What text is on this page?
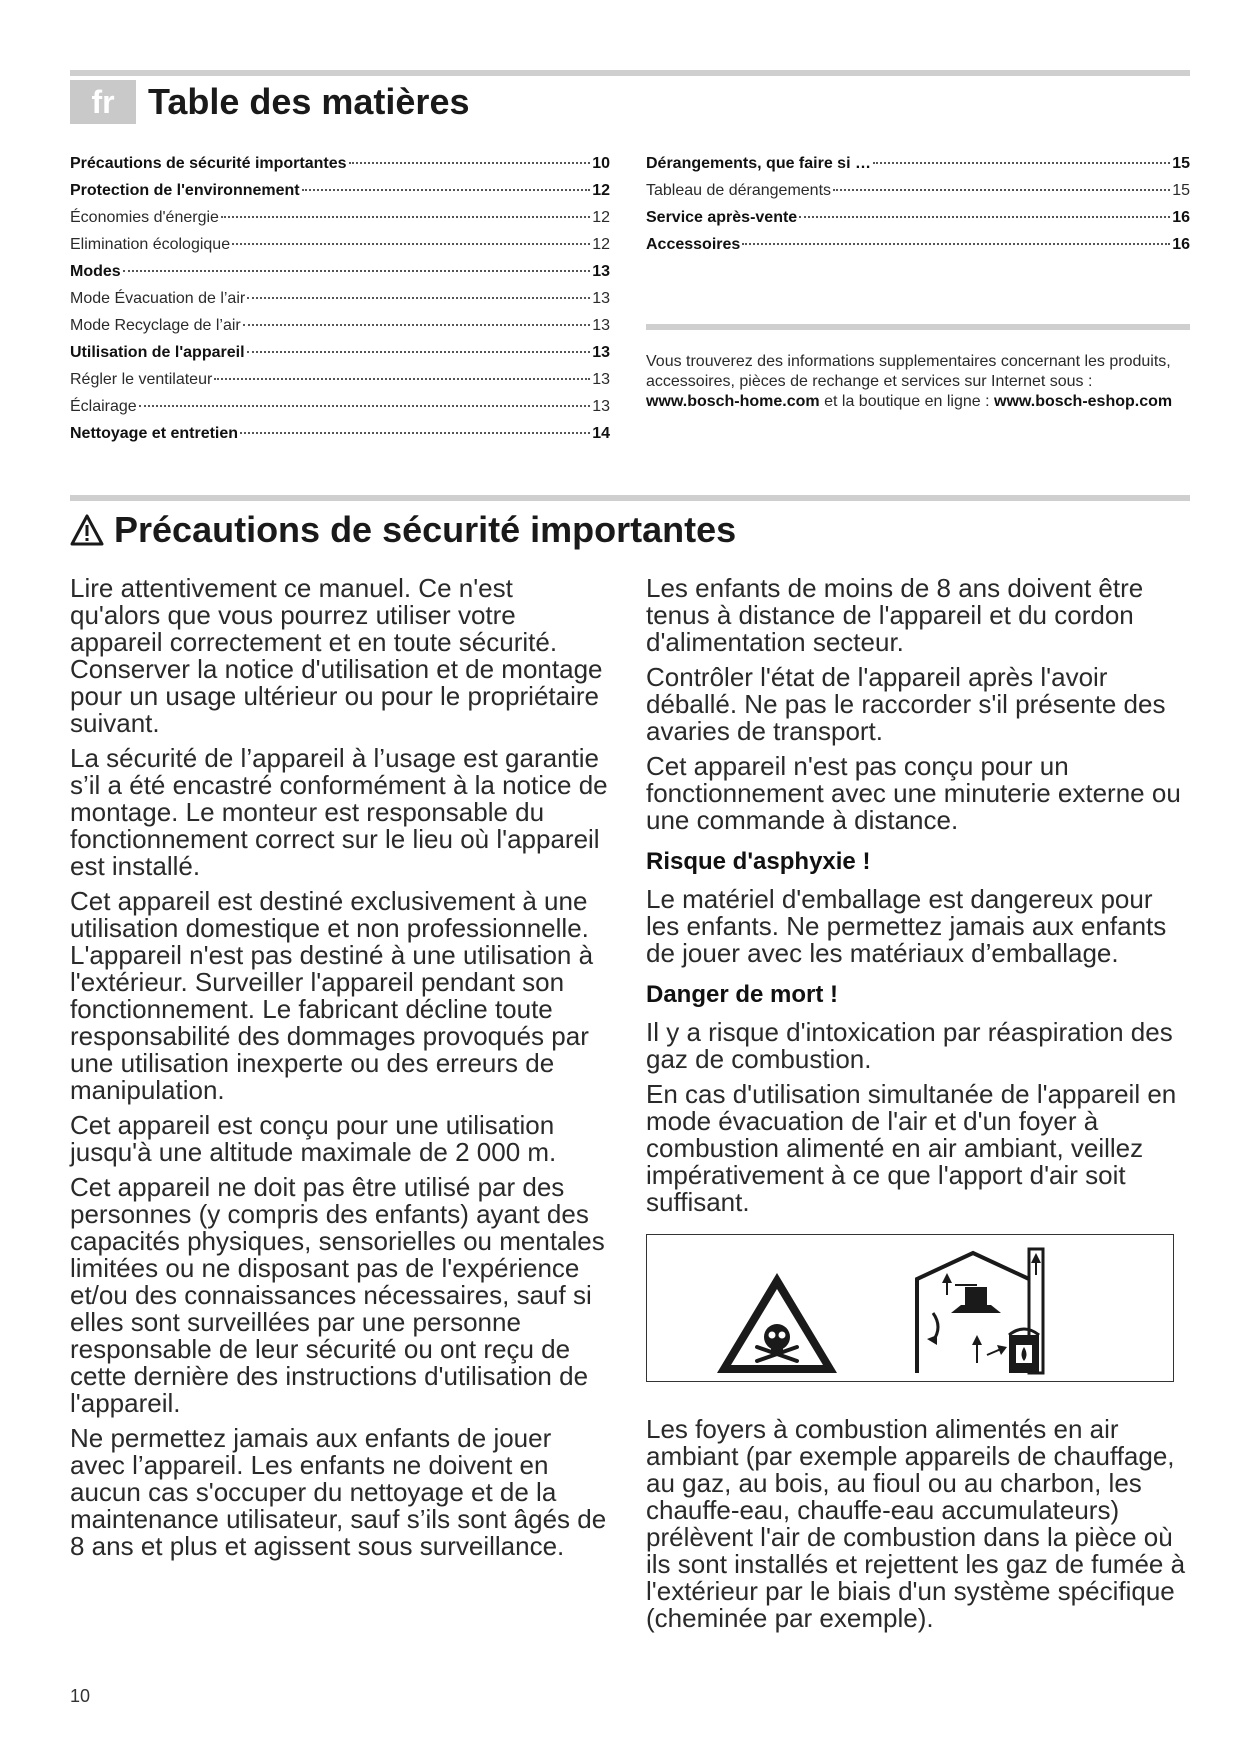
fr Table des matières
Précautions de sécurité importantes	10
Protection de l'environnement	12
Économies d'énergie	12
Elimination écologique	12
Modes	13
Mode Évacuation de l’air	13
Mode Recyclage de l’air	13
Utilisation de l'appareil	13
Régler le ventilateur	13
Éclairage	13
Nettoyage et entretien	14
Dérangements, que faire si …	15
Tableau de dérangements	15
Service après-vente	16
Accessoires	16
Vous trouverez des informations supplementaires concernant les produits, accessoires, pièces de rechange et services sur Internet sous : www.bosch-home.com et la boutique en ligne : www.bosch-eshop.com
Précautions de sécurité importantes

Lire attentivement ce manuel. Ce n'est qu'alors que vous pourrez utiliser votre appareil correctement et en toute sécurité. Conserver la notice d'utilisation et de montage pour un usage ultérieur ou pour le propriétaire suivant.

La sécurité de l’appareil à l’usage est garantie s’il a été encastré conformément à la notice de montage. Le monteur est responsable du fonctionnement correct sur le lieu où l'appareil est installé.

Cet appareil est destiné exclusivement à une utilisation domestique et non professionnelle. L'appareil n'est pas destiné à une utilisation à l'extérieur. Surveiller l'appareil pendant son fonctionnement. Le fabricant décline toute responsabilité des dommages provoqués par une utilisation inexperte ou des erreurs de manipulation.

Cet appareil est conçu pour une utilisation jusqu'à une altitude maximale de 2 000 m.

Cet appareil ne doit pas être utilisé par des personnes (y compris des enfants) ayant des capacités physiques, sensorielles ou mentales limitées ou ne disposant pas de l'expérience et/ou des connaissances nécessaires, sauf si elles sont surveillées par une personne responsable de leur sécurité ou ont reçu de cette dernière des instructions d'utilisation de l'appareil.

Ne permettez jamais aux enfants de jouer avec l’appareil. Les enfants ne doivent en aucun cas s'occuper du nettoyage et de la maintenance utilisateur, sauf s’ils sont âgés de 8 ans et plus et agissent sous surveillance.

Les enfants de moins de 8 ans doivent être tenus à distance de l'appareil et du cordon d'alimentation secteur.

Contrôler l'état de l'appareil après l'avoir déballé. Ne pas le raccorder s'il présente des avaries de transport.

Cet appareil n'est pas conçu pour un fonctionnement avec une minuterie externe ou une commande à distance.

Risque d'asphyxie !

Le matériel d'emballage est dangereux pour les enfants. Ne permettez jamais aux enfants de jouer avec les matériaux d’emballage.

Danger de mort !

Il y a risque d'intoxication par réaspiration des gaz de combustion.

En cas d'utilisation simultanée de l'appareil en mode évacuation de l'air et d'un foyer à combustion alimenté en air ambiant, veillez impérativement à ce que l'apport d'air soit suffisant.

Les foyers à combustion alimentés en air ambiant (par exemple appareils de chauffage, au gaz, au bois, au fioul ou au charbon, les chauffe-eau, chauffe-eau accumulateurs) prélèvent l'air de combustion dans la pièce où ils sont installés et rejettent les gaz de fumée à l'extérieur par le biais d'un système spécifique (cheminée par exemple).

10
